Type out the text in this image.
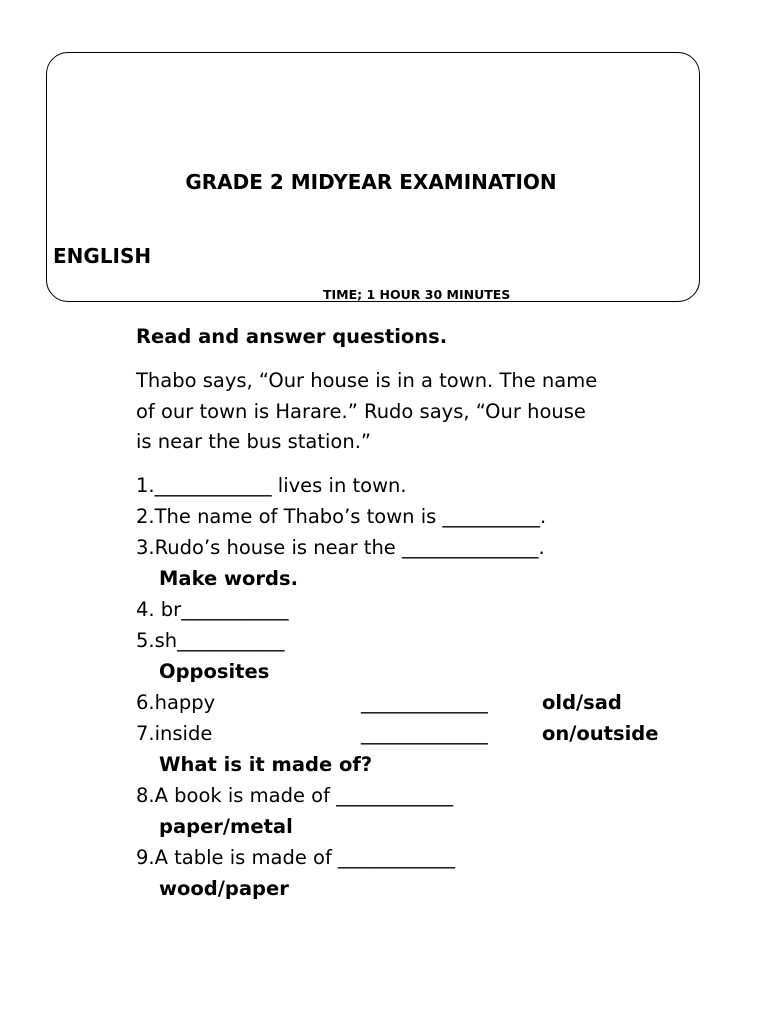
GRADE 2 MIDYEAR EXAMINATION
ENGLISH
TIME; 1 HOUR 30 MINUTES
Read and answer questions.
Thabo says, “Our house is in a town. The name
of our town is Harare.” Rudo says, “Our house
is near the bus station.”
1.____________ lives in town.
2.The name of Thabo’s town is __________.
3.Rudo’s house is near the ______________.
Make words.
4. br___________
5.sh___________
Opposites
6.happy	_____________	old/sad
7.inside	_____________	on/outside
What is it made of?
8.A book is made of ____________
paper/metal
9.A table is made of ____________
wood/paper
